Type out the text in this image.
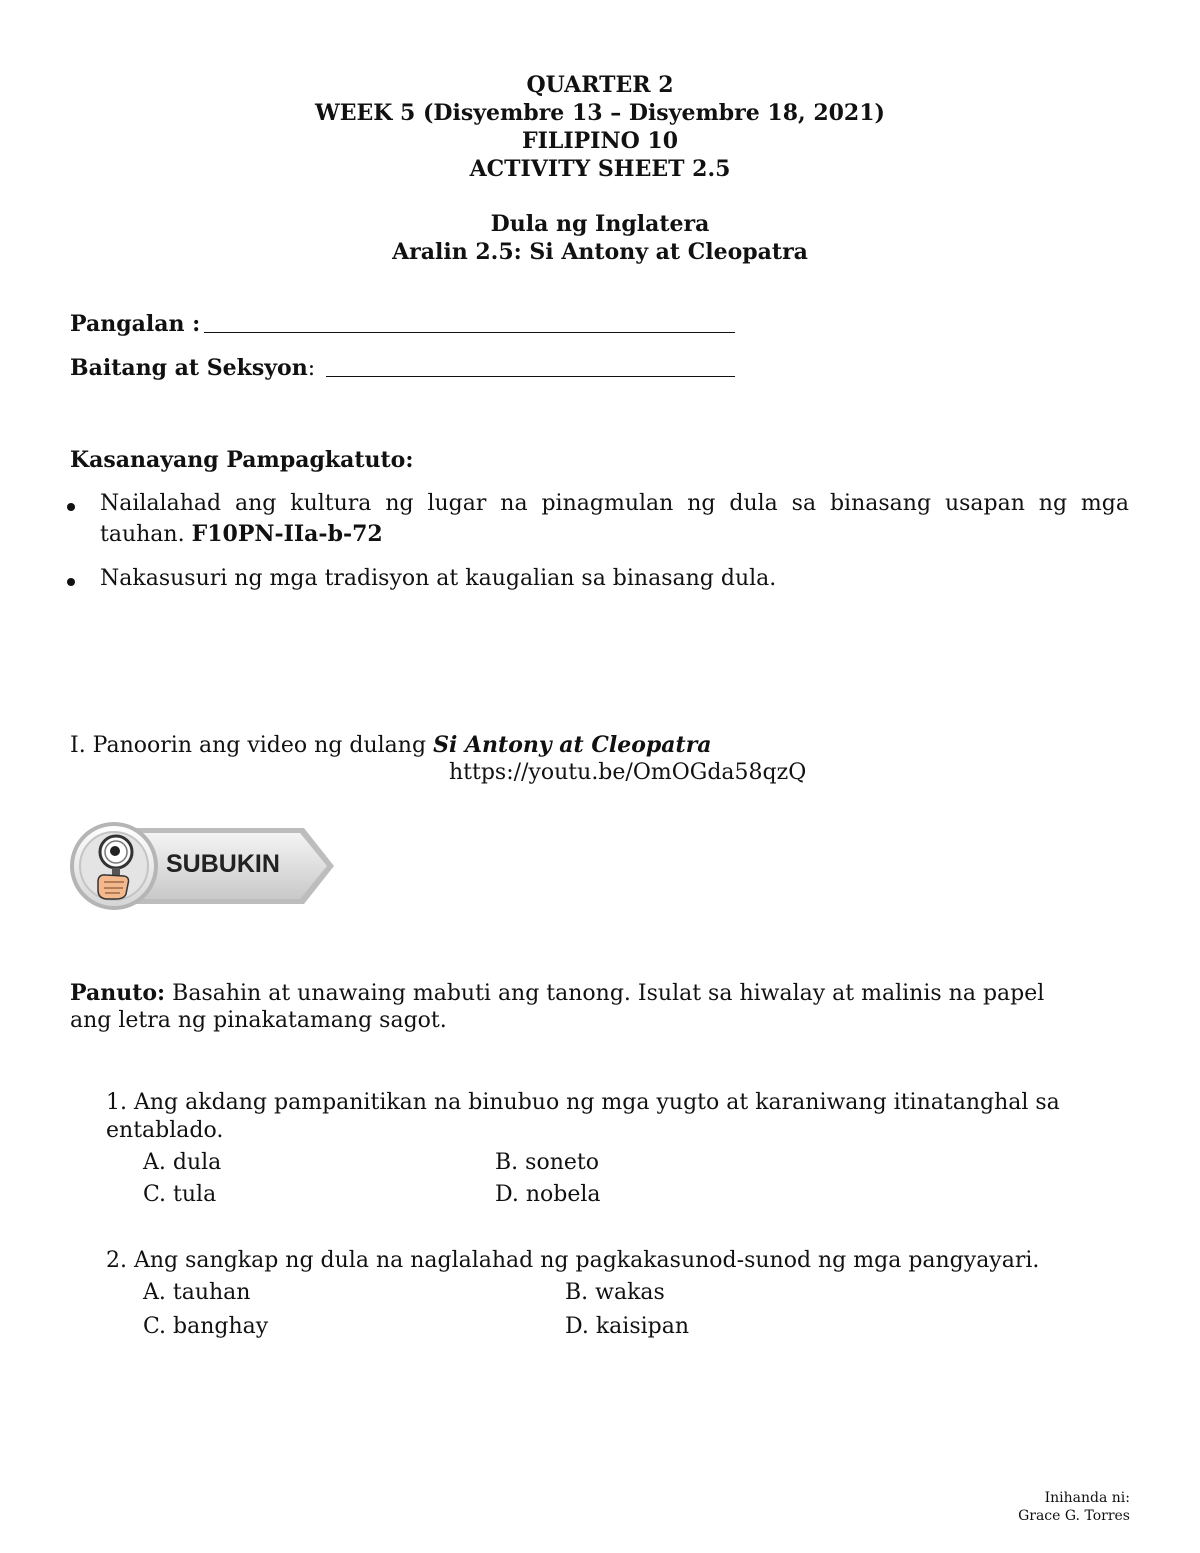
QUARTER 2
WEEK 5 (Disyembre 13 – Disyembre 18, 2021)
FILIPINO 10
ACTIVITY SHEET 2.5
Dula ng Inglatera
Aralin 2.5: Si Antony at Cleopatra
Pangalan :
Baitang at Seksyon:
Kasanayang Pampagkatuto:
Nailalahad ang kultura ng lugar na pinagmulan ng dula sa binasang usapan ng mga
tauhan. F10PN-IIa-b-72
Nakasusuri ng mga tradisyon at kaugalian sa binasang dula.
I. Panoorin ang video ng dulang Si Antony at Cleopatra
https://youtu.be/OmOGda58qzQ
SUBUKIN
Panuto: Basahin at unawaing mabuti ang tanong. Isulat sa hiwalay at malinis na papel
ang letra ng pinakatamang sagot.
1. Ang akdang pampanitikan na binubuo ng mga yugto at karaniwang itinatanghal sa
entablado.
A. dula	B. soneto
C. tula	D. nobela
2. Ang sangkap ng dula na naglalahad ng pagkakasunod-sunod ng mga pangyayari.
A. tauhan	B. wakas
C. banghay	D. kaisipan
Inihanda ni:
Grace G. Torres
